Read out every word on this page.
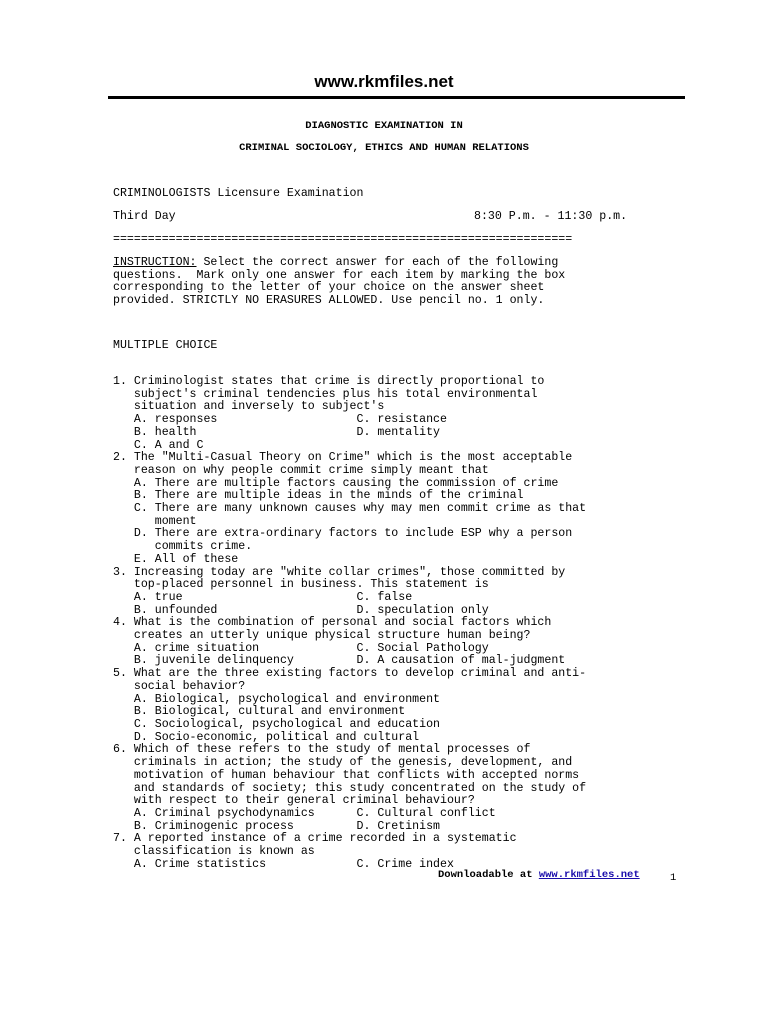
www.rkmfiles.net
DIAGNOSTIC EXAMINATION IN
CRIMINAL SOCIOLOGY, ETHICS AND HUMAN RELATIONS
CRIMINOLOGISTS Licensure Examination
Third Day	8:30 P.m. - 11:30 p.m.
==================================================================
INSTRUCTION: Select the correct answer for each of the following
questions.  Mark only one answer for each item by marking the box
corresponding to the letter of your choice on the answer sheet
provided. STRICTLY NO ERASURES ALLOWED. Use pencil no. 1 only.
MULTIPLE CHOICE
1. Criminologist states that crime is directly proportional to
subject's criminal tendencies plus his total environmental
situation and inversely to subject's
A. responses                    C. resistance
B. health                       D. mentality
C. A and C
2. The "Multi-Casual Theory on Crime" which is the most acceptable
reason on why people commit crime simply meant that
A. There are multiple factors causing the commission of crime
B. There are multiple ideas in the minds of the criminal
C. There are many unknown causes why may men commit crime as that
moment
D. There are extra-ordinary factors to include ESP why a person
commits crime.
E. All of these
3. Increasing today are "white collar crimes", those committed by
top-placed personnel in business. This statement is
A. true                         C. false
B. unfounded                    D. speculation only
4. What is the combination of personal and social factors which
creates an utterly unique physical structure human being?
A. crime situation              C. Social Pathology
B. juvenile delinquency         D. A causation of mal-judgment
5. What are the three existing factors to develop criminal and anti-
social behavior?
A. Biological, psychological and environment
B. Biological, cultural and environment
C. Sociological, psychological and education
D. Socio-economic, political and cultural
6. Which of these refers to the study of mental processes of
criminals in action; the study of the genesis, development, and
motivation of human behaviour that conflicts with accepted norms
and standards of society; this study concentrated on the study of
with respect to their general criminal behaviour?
A. Criminal psychodynamics      C. Cultural conflict
B. Criminogenic process         D. Cretinism
7. A reported instance of a crime recorded in a systematic
classification is known as
A. Crime statistics             C. Crime index
Downloadable at www.rkmfiles.net	1
